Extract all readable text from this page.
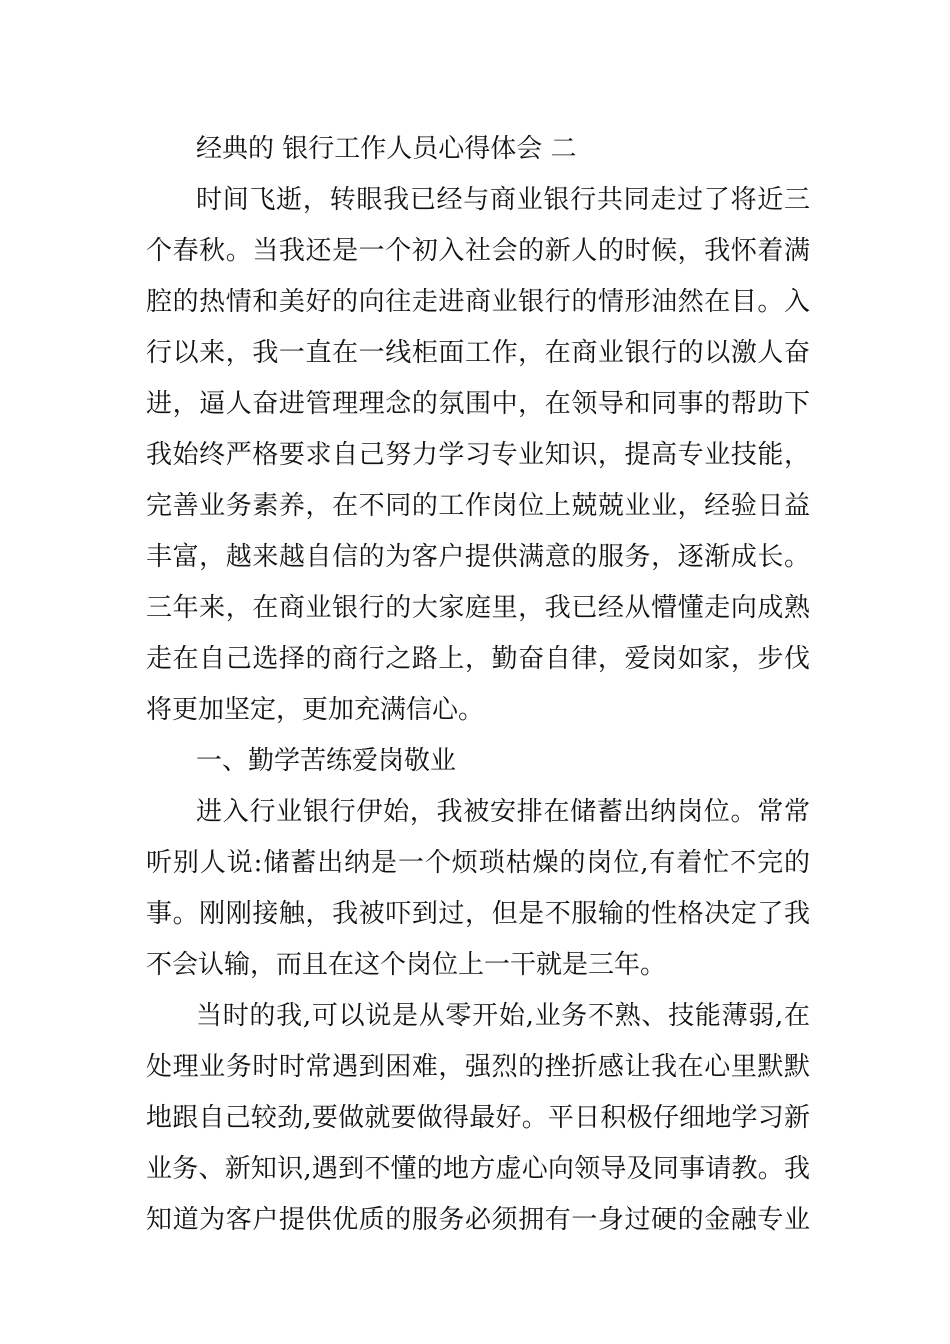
经典的 银行工作人员心得体会 二
时间飞逝，转眼我已经与商业银行共同走过了将近三
个春秋。当我还是一个初入社会的新人的时候，我怀着满
腔的热情和美好的向往走进商业银行的情形油然在目。入
行以来，我一直在一线柜面工作，在商业银行的以激人奋
进，逼人奋进管理理念的氛围中，在领导和同事的帮助下
我始终严格要求自己努力学习专业知识，提高专业技能，
完善业务素养，在不同的工作岗位上兢兢业业，经验日益
丰富，越来越自信的为客户提供满意的服务，逐渐成长。
三年来，在商业银行的大家庭里，我已经从懵懂走向成熟
走在自己选择的商行之路上，勤奋自律，爱岗如家，步伐
将更加坚定，更加充满信心。
一、勤学苦练爱岗敬业
进入行业银行伊始，我被安排在储蓄出纳岗位。常常
听别人说:储蓄出纳是一个烦琐枯燥的岗位,有着忙不完的
事。刚刚接触，我被吓到过，但是不服输的性格决定了我
不会认输，而且在这个岗位上一干就是三年。
当时的我,可以说是从零开始,业务不熟、技能薄弱,在
处理业务时时常遇到困难，强烈的挫折感让我在心里默默
地跟自己较劲,要做就要做得最好。平日积极仔细地学习新
业务、新知识,遇到不懂的地方虚心向领导及同事请教。我
知道为客户提供优质的服务必须拥有一身过硬的金融专业
